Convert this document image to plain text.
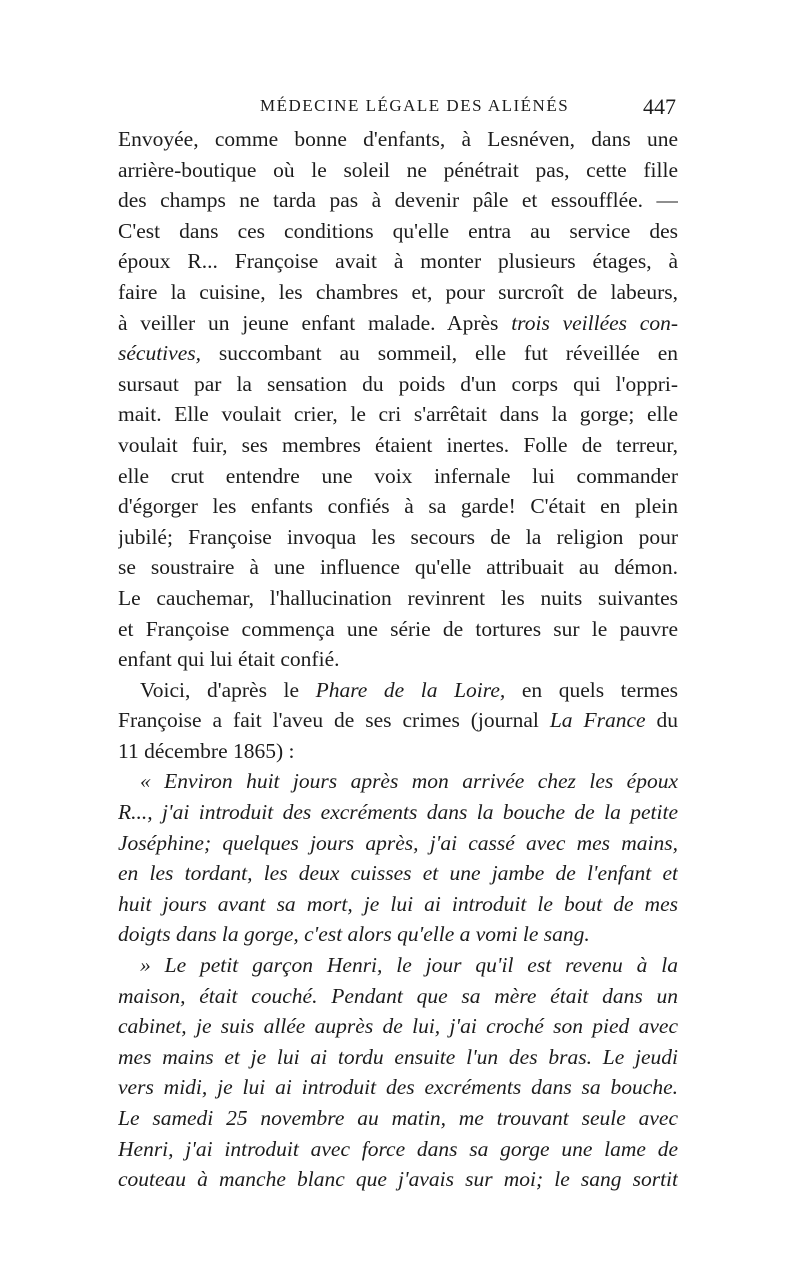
MÉDECINE LÉGALE DES ALIÉNÉS	447
Envoyée, comme bonne d'enfants, à Lesnéven, dans une
arrière-boutique où le soleil ne pénétrait pas, cette fille
des champs ne tarda pas à devenir pâle et essoufflée. —
C'est dans ces conditions qu'elle entra au service des
époux R... Françoise avait à monter plusieurs étages, à
faire la cuisine, les chambres et, pour surcroît de labeurs,
à veiller un jeune enfant malade. Après trois veillées con-
sécutives, succombant au sommeil, elle fut réveillée en
sursaut par la sensation du poids d'un corps qui l'oppri-
mait. Elle voulait crier, le cri s'arrêtait dans la gorge; elle
voulait fuir, ses membres étaient inertes. Folle de terreur,
elle crut entendre une voix infernale lui commander
d'égorger les enfants confiés à sa garde! C'était en plein
jubilé; Françoise invoqua les secours de la religion pour
se soustraire à une influence qu'elle attribuait au démon.
Le cauchemar, l'hallucination revinrent les nuits suivantes
et Françoise commença une série de tortures sur le pauvre
enfant qui lui était confié.
Voici, d'après le Phare de la Loire, en quels termes
Françoise a fait l'aveu de ses crimes (journal La France du
11 décembre 1865) :
« Environ huit jours après mon arrivée chez les époux
R..., j'ai introduit des excréments dans la bouche de la petite
Joséphine; quelques jours après, j'ai cassé avec mes mains,
en les tordant, les deux cuisses et une jambe de l'enfant et
huit jours avant sa mort, je lui ai introduit le bout de mes
doigts dans la gorge, c'est alors qu'elle a vomi le sang.
» Le petit garçon Henri, le jour qu'il est revenu à la
maison, était couché. Pendant que sa mère était dans un
cabinet, je suis allée auprès de lui, j'ai croché son pied avec
mes mains et je lui ai tordu ensuite l'un des bras. Le jeudi
vers midi, je lui ai introduit des excréments dans sa bouche.
Le samedi 25 novembre au matin, me trouvant seule avec
Henri, j'ai introduit avec force dans sa gorge une lame de
couteau à manche blanc que j'avais sur moi; le sang sortit
